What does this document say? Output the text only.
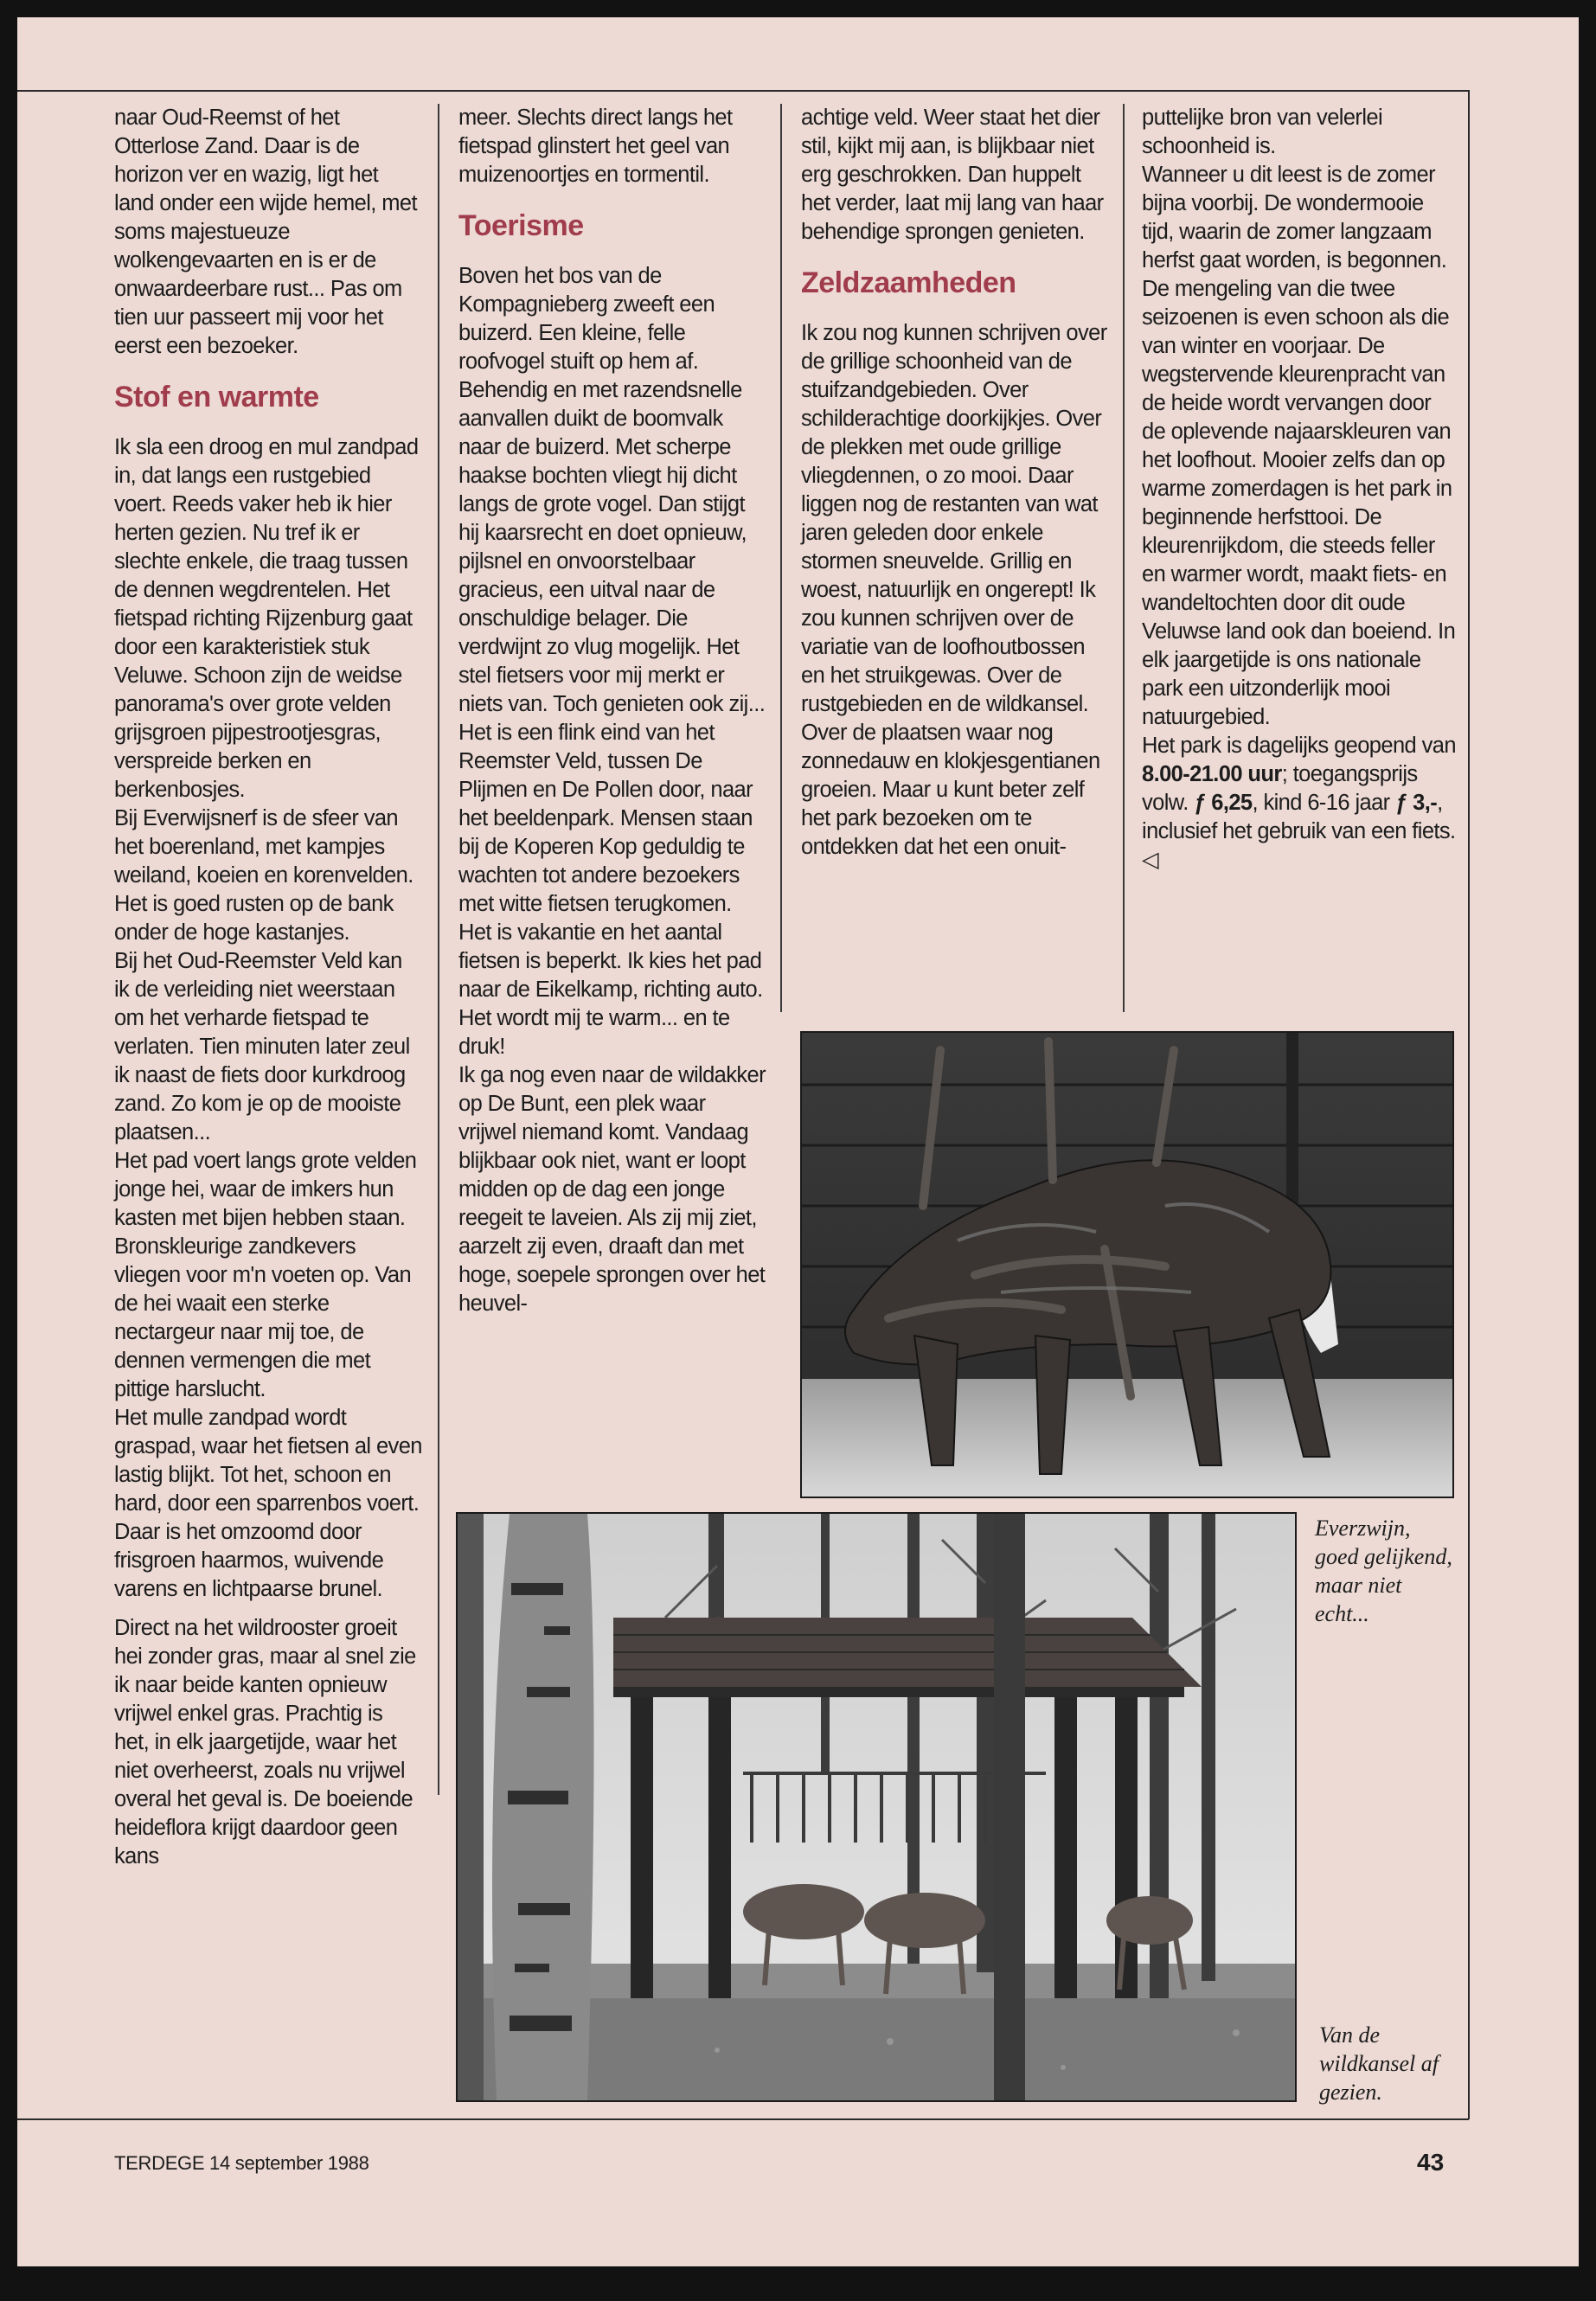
naar Oud-Reemst of het Otterlose Zand. Daar is de horizon ver en wazig, ligt het land onder een wijde hemel, met soms majestueuze wolkengevaarten en is er de onwaardeerbare rust... Pas om tien uur passeert mij voor het eerst een bezoeker.

Stof en warmte

Ik sla een droog en mul zandpad in, dat langs een rustgebied voert. Reeds vaker heb ik hier herten gezien. Nu tref ik er slechte enkele, die traag tussen de dennen wegdrentelen. Het fietspad richting Rijzenburg gaat door een karakteristiek stuk Veluwe. Schoon zijn de weidse panorama's over grote velden grijsgroen pijpestrootjesgras, verspreide berken en berkenbosjes.

Bij Everwijsnerf is de sfeer van het boerenland, met kampjes weiland, koeien en korenvelden. Het is goed rusten op de bank onder de hoge kastanjes.

Bij het Oud-Reemster Veld kan ik de verleiding niet weerstaan om het verharde fietspad te verlaten. Tien minuten later zeul ik naast de fiets door kurkdroog zand. Zo kom je op de mooiste plaatsen...

Het pad voert langs grote velden jonge hei, waar de imkers hun kasten met bijen hebben staan. Bronskleurige zandkevers vliegen voor m'n voeten op. Van de hei waait een sterke nectargeur naar mij toe, de dennen vermengen die met pittige harslucht.

Het mulle zandpad wordt graspad, waar het fietsen al even lastig blijkt. Tot het, schoon en hard, door een sparrenbos voert. Daar is het omzoomd door frisgroen haarmos, wuivende varens en lichtpaarse brunel.

Direct na het wildrooster groeit hei zonder gras, maar al snel zie ik naar beide kanten opnieuw vrijwel enkel gras. Prachtig is het, in elk jaargetijde, waar het niet overheerst, zoals nu vrijwel overal het geval is. De boeiende heideflora krijgt daardoor geen kans

meer. Slechts direct langs het fietspad glinstert het geel van muizenoortjes en tormentil.

Toerisme

Boven het bos van de Kompagnieberg zweeft een buizerd. Een kleine, felle roofvogel stuift op hem af. Behendig en met razendsnelle aanvallen duikt de boomvalk naar de buizerd. Met scherpe haakse bochten vliegt hij dicht langs de grote vogel. Dan stijgt hij kaarsrecht en doet opnieuw, pijlsnel en onvoorstelbaar gracieus, een uitval naar de onschuldige belager. Die verdwijnt zo vlug mogelijk. Het stel fietsers voor mij merkt er niets van. Toch genieten ook zij...

Het is een flink eind van het Reemster Veld, tussen De Plijmen en De Pollen door, naar het beeldenpark. Mensen staan bij de Koperen Kop geduldig te wachten tot andere bezoekers met witte fietsen terugkomen. Het is vakantie en het aantal fietsen is beperkt. Ik kies het pad naar de Eikelkamp, richting auto. Het wordt mij te warm... en te druk!

Ik ga nog even naar de wildakker op De Bunt, een plek waar vrijwel niemand komt. Vandaag blijkbaar ook niet, want er loopt midden op de dag een jonge reegeit te laveien. Als zij mij ziet, aarzelt zij even, draaft dan met hoge, soepele sprongen over het heuvel-

achtige veld. Weer staat het dier stil, kijkt mij aan, is blijkbaar niet erg geschrokken. Dan huppelt het verder, laat mij lang van haar behendige sprongen genieten.

Zeldzaamheden

Ik zou nog kunnen schrijven over de grillige schoonheid van de stuifzandgebieden. Over schilderachtige doorkijkjes. Over de plekken met oude grillige vliegdennen, o zo mooi. Daar liggen nog de restanten van wat jaren geleden door enkele stormen sneuvelde. Grillig en woest, natuurlijk en ongerept! Ik zou kunnen schrijven over de variatie van de loofhoutbossen en het struikgewas. Over de rustgebieden en de wildkansel. Over de plaatsen waar nog zonnedauw en klokjesgentianen groeien. Maar u kunt beter zelf het park bezoeken om te ontdekken dat het een onuit-

puttelijke bron van velerlei schoonheid is.

Wanneer u dit leest is de zomer bijna voorbij. De wondermooie tijd, waarin de zomer langzaam herfst gaat worden, is begonnen. De mengeling van die twee seizoenen is even schoon als die van winter en voorjaar. De wegstervende kleurenpracht van de heide wordt vervangen door de oplevende najaarskleuren van het loofhout. Mooier zelfs dan op warme zomerdagen is het park in beginnende herfsttooi. De kleurenrijkdom, die steeds feller en warmer wordt, maakt fiets- en wandeltochten door dit oude Veluwse land ook dan boeiend. In elk jaargetijde is ons nationale park een uitzonderlijk mooi natuurgebied.

Het park is dagelijks geopend van 8.00-21.00 uur; toegangsprijs volw. ƒ 6,25, kind 6-16 jaar ƒ 3,-, inclusief het gebruik van een fiets. ◁

Everzwijn, goed gelijkend, maar niet echt...
Van de wildkansel af gezien.
TERDEGE 14 september 1988	43
